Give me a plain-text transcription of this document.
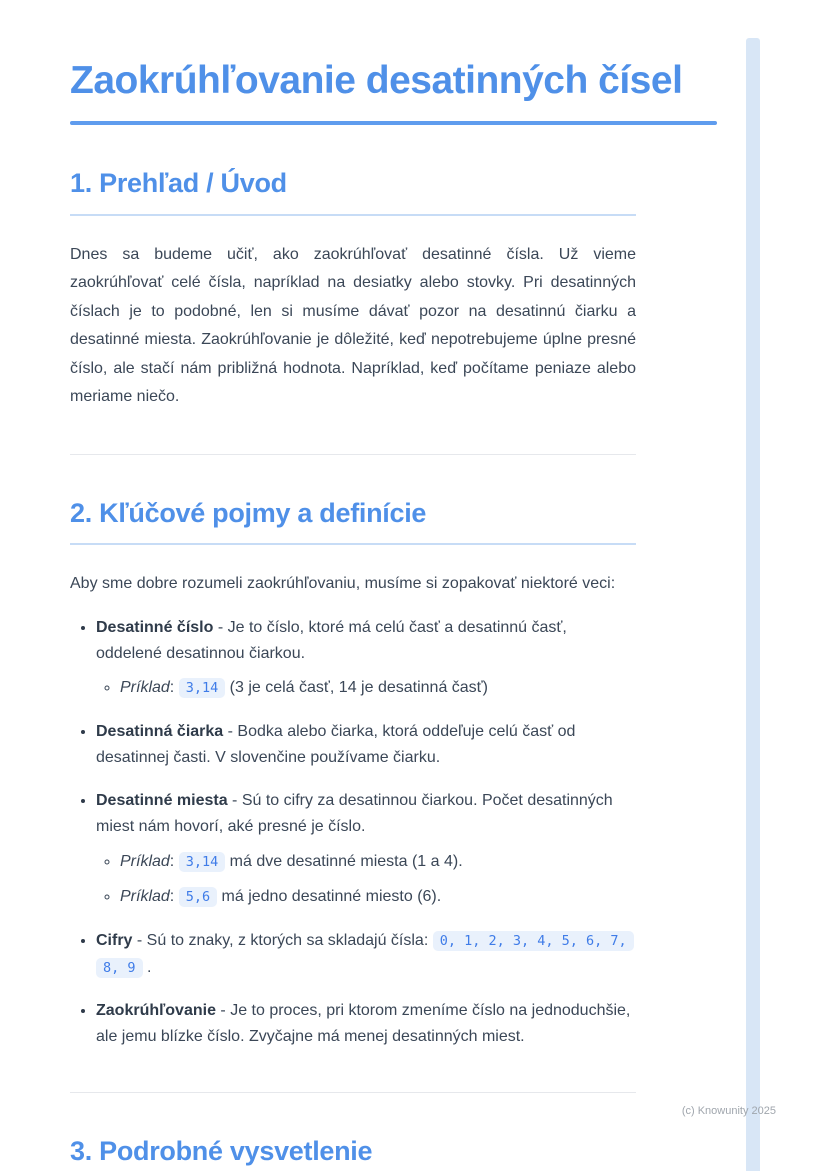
Zaokrúhľovanie desatinných čísel
1. Prehľad / Úvod

Dnes sa budeme učiť, ako zaokrúhľovať desatinné čísla. Už vieme zaokrúhľovať celé čísla, napríklad na desiatky alebo stovky. Pri desatinných číslach je to podobné, len si musíme dávať pozor na desatinnú čiarku a desatinné miesta. Zaokrúhľovanie je dôležité, keď nepotrebujeme úplne presné číslo, ale stačí nám približná hodnota. Napríklad, keď počítame peniaze alebo meriame niečo.

2. Kľúčové pojmy a definície

Aby sme dobre rozumeli zaokrúhľovaniu, musíme si zopakovať niektoré veci:

• Desatinné číslo - Je to číslo, ktoré má celú časť a desatinnú časť, oddelené desatinnou čiarkou.

◦ Príklad: 3,14 (3 je celá časť, 14 je desatinná časť)

• Desatinná čiarka - Bodka alebo čiarka, ktorá oddeľuje celú časť od desatinnej časti. V slovenčine používame čiarku.

• Desatinné miesta - Sú to cifry za desatinnou čiarkou. Počet desatinných miest nám hovorí, aké presné je číslo.

◦ Príklad: 3,14 má dve desatinné miesta (1 a 4).
◦ Príklad: 5,6 má jedno desatinné miesto (6).

• Cifry - Sú to znaky, z ktorých sa skladajú čísla: 0, 1, 2, 3, 4, 5, 6, 7, 8, 9 .

• Zaokrúhľovanie - Je to proces, pri ktorom zmeníme číslo na jednoduchšie, ale jemu blízke číslo. Zvyčajne má menej desatinných miest.

3. Podrobné vysvetlenie
(c) Knowunity 2025
